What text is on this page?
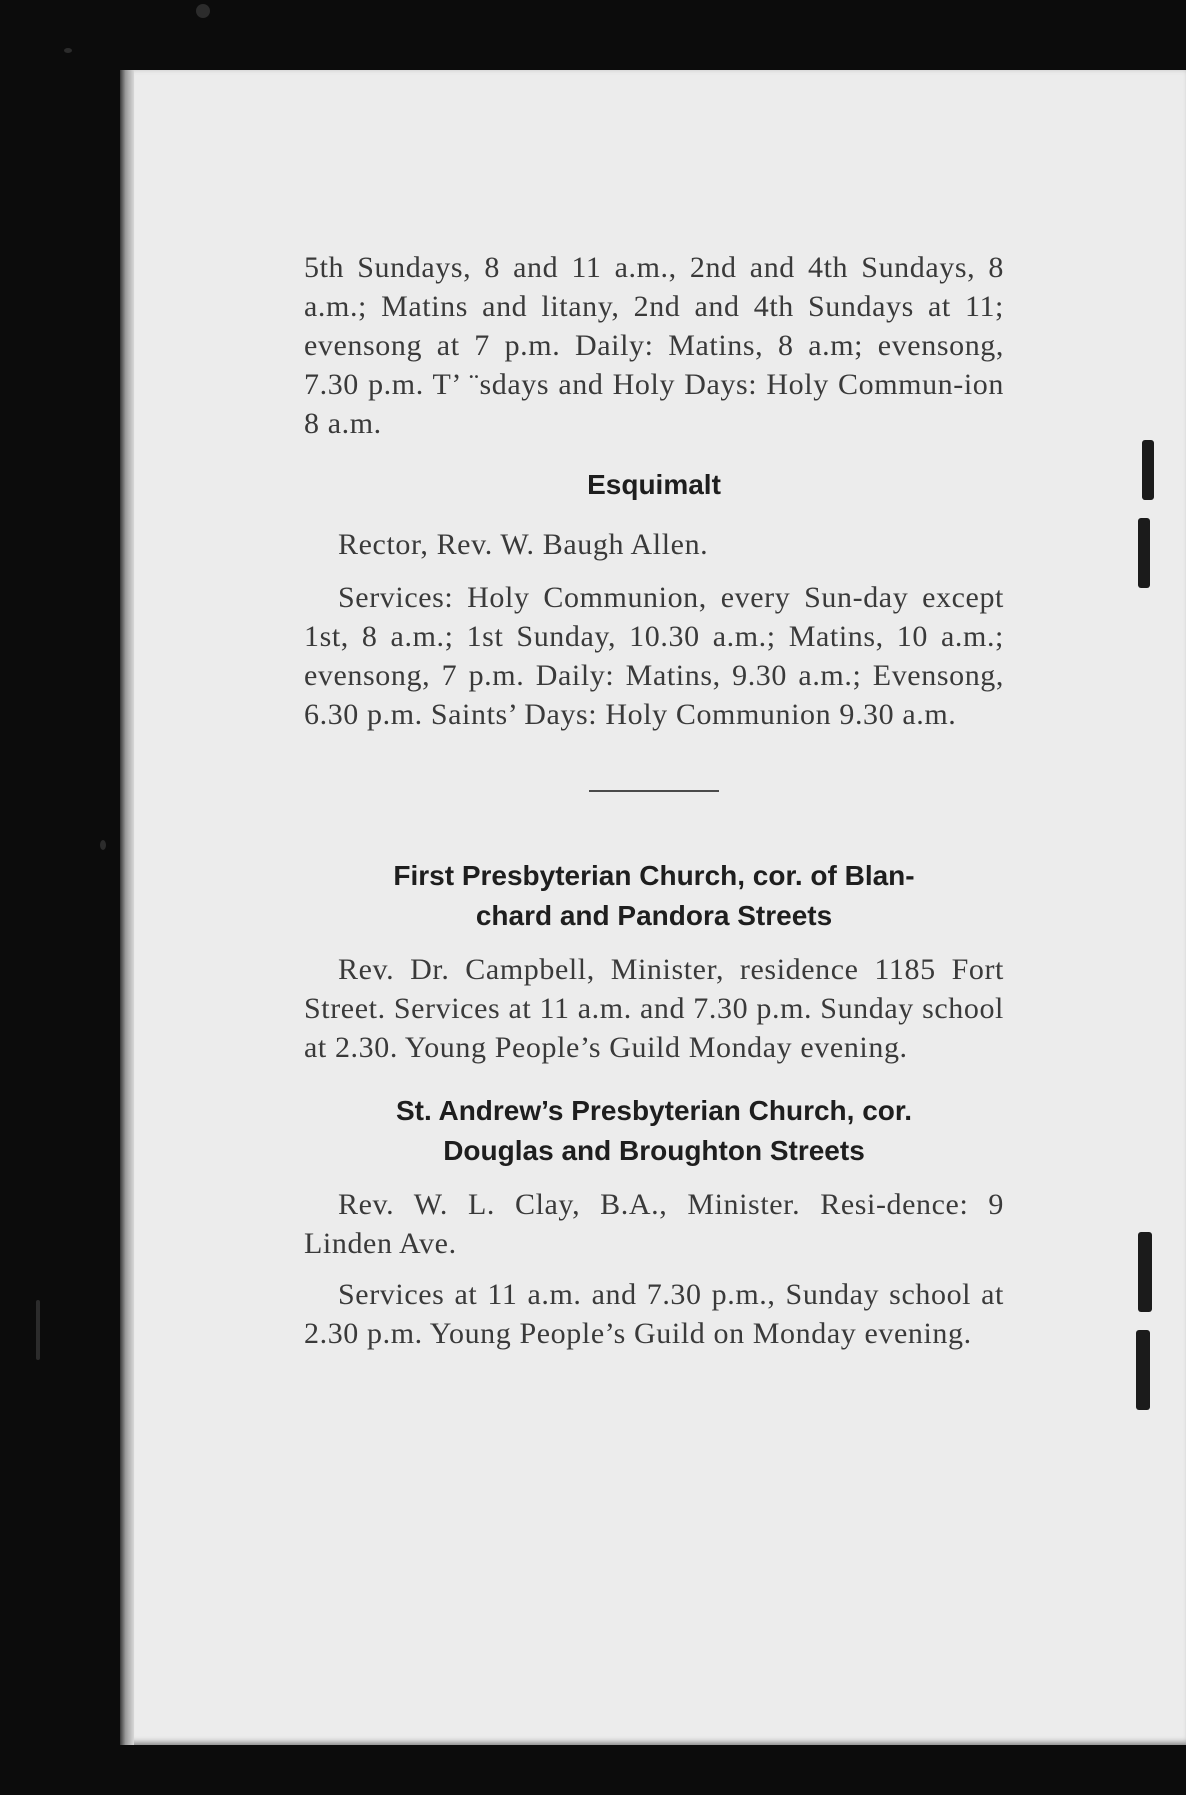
5th Sundays, 8 and 11 a.m., 2nd and 4th Sundays, 8 a.m.; Matins and litany, 2nd and 4th Sundays at 11; evensong at 7 p.m. Daily: Matins, 8 a.m; evensong, 7.30 p.m. T’ ¨sdays and Holy Days: Holy Commun-ion 8 a.m.

Esquimalt

Rector, Rev. W. Baugh Allen.

Services: Holy Communion, every Sun-day except 1st, 8 a.m.; 1st Sunday, 10.30 a.m.; Matins, 10 a.m.; evensong, 7 p.m. Daily: Matins, 9.30 a.m.; Evensong, 6.30 p.m. Saints’ Days: Holy Communion 9.30 a.m.

First Presbyterian Church, cor. of Blan-

chard and Pandora Streets

Rev. Dr. Campbell, Minister, residence 1185 Fort Street. Services at 11 a.m. and 7.30 p.m. Sunday school at 2.30. Young People’s Guild Monday evening.

St. Andrew’s Presbyterian Church, cor.

Douglas and Broughton Streets

Rev. W. L. Clay, B.A., Minister. Resi-dence: 9 Linden Ave.

Services at 11 a.m. and 7.30 p.m., Sunday school at 2.30 p.m. Young People’s Guild on Monday evening.
